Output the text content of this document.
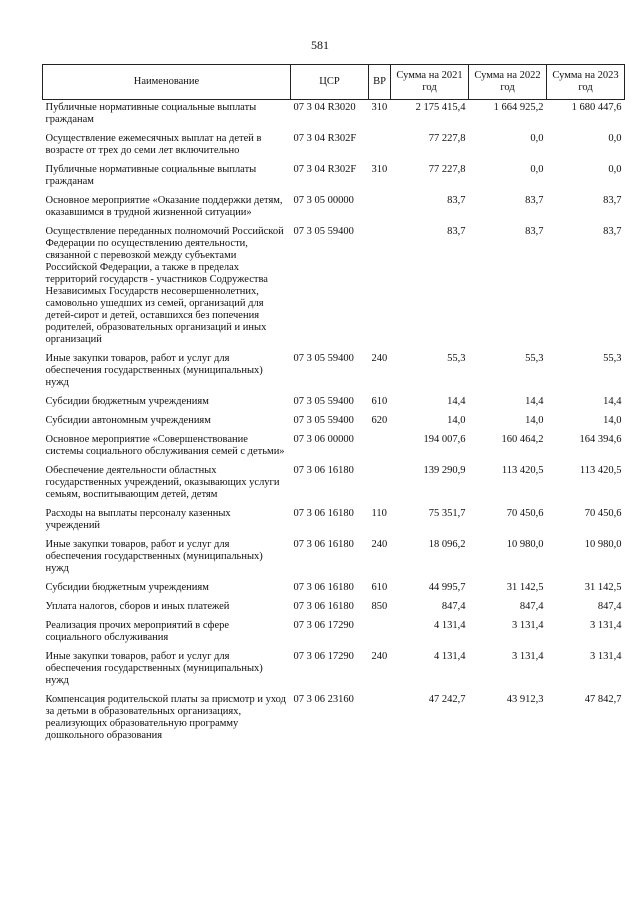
581
Наименование	ЦСР	ВР	Сумма на 2021 год	Сумма на 2022 год	Сумма на 2023 год
Публичные нормативные социальные выплаты гражданам	07 3 04 R3020	310	2 175 415,4	1 664 925,2	1 680 447,6
Осуществление ежемесячных выплат на детей в возрасте от трех до семи лет включительно	07 3 04 R302F		77 227,8	0,0	0,0
Публичные нормативные социальные выплаты гражданам	07 3 04 R302F	310	77 227,8	0,0	0,0
Основное мероприятие «Оказание поддержки детям, оказавшимся в трудной жизненной ситуации»	07 3 05 00000		83,7	83,7	83,7
Осуществление переданных полномочий Российской Федерации по осуществлению деятельности, связанной с перевозкой между субъектами Российской Федерации, а также в пределах территорий государств - участников Содружества Независимых Государств несовершеннолетних, самовольно ушедших из семей, организаций для детей-сирот и детей, оставшихся без попечения родителей, образовательных организаций и иных организаций	07 3 05 59400		83,7	83,7	83,7
Иные закупки товаров, работ и услуг для обеспечения государственных (муниципальных) нужд	07 3 05 59400	240	55,3	55,3	55,3
Субсидии бюджетным учреждениям	07 3 05 59400	610	14,4	14,4	14,4
Субсидии автономным учреждениям	07 3 05 59400	620	14,0	14,0	14,0
Основное мероприятие «Совершенствование системы социального обслуживания семей с детьми»	07 3 06 00000		194 007,6	160 464,2	164 394,6
Обеспечение деятельности областных государственных учреждений, оказывающих услуги семьям, воспитывающим детей, детям	07 3 06 16180		139 290,9	113 420,5	113 420,5
Расходы на выплаты персоналу казенных учреждений	07 3 06 16180	110	75 351,7	70 450,6	70 450,6
Иные закупки товаров, работ и услуг для обеспечения государственных (муниципальных) нужд	07 3 06 16180	240	18 096,2	10 980,0	10 980,0
Субсидии бюджетным учреждениям	07 3 06 16180	610	44 995,7	31 142,5	31 142,5
Уплата налогов, сборов и иных платежей	07 3 06 16180	850	847,4	847,4	847,4
Реализация прочих мероприятий в сфере социального обслуживания	07 3 06 17290		4 131,4	3 131,4	3 131,4
Иные закупки товаров, работ и услуг для обеспечения государственных (муниципальных) нужд	07 3 06 17290	240	4 131,4	3 131,4	3 131,4
Компенсация родительской платы за присмотр и уход за детьми в образовательных организациях, реализующих образовательную программу дошкольного образования	07 3 06 23160		47 242,7	43 912,3	47 842,7
